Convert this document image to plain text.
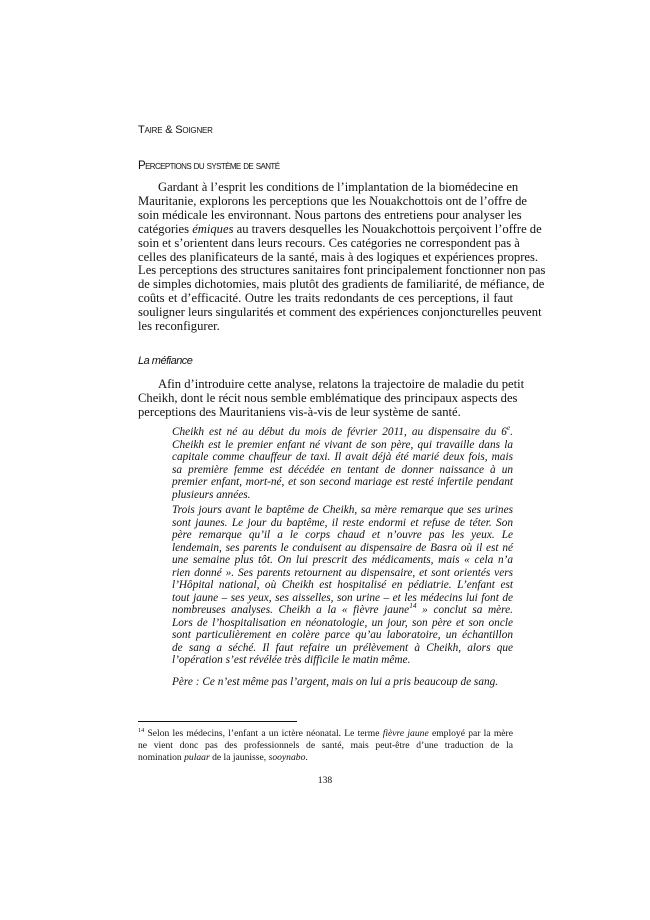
Taire & Soigner
Perceptions du système de santé
Gardant à l’esprit les conditions de l’implantation de la biomédecine en
Mauritanie, explorons les perceptions que les Nouakchottois ont de l’offre de
soin médicale les environnant. Nous partons des entretiens pour analyser les
catégories émiques au travers desquelles les Nouakchottois perçoivent l’offre de
soin et s’orientent dans leurs recours. Ces catégories ne correspondent pas à
celles des planificateurs de la santé, mais à des logiques et expériences propres.
Les perceptions des structures sanitaires font principalement fonctionner non pas
de simples dichotomies, mais plutôt des gradients de familiarité, de méfiance, de
coûts et d’efficacité. Outre les traits redondants de ces perceptions, il faut
souligner leurs singularités et comment des expériences conjoncturelles peuvent
les reconfigurer.
La méfiance
Afin d’introduire cette analyse, relatons la trajectoire de maladie du petit
Cheikh, dont le récit nous semble emblématique des principaux aspects des
perceptions des Mauritaniens vis-à-vis de leur système de santé.
Cheikh est né au début du mois de février 2011, au dispensaire du 6e.
Cheikh est le premier enfant né vivant de son père, qui travaille dans la
capitale comme chauffeur de taxi. Il avait déjà été marié deux fois, mais
sa première femme est décédée en tentant de donner naissance à un
premier enfant, mort-né, et son second mariage est resté infertile pendant
plusieurs années.
Trois jours avant le baptême de Cheikh, sa mère remarque que ses urines
sont jaunes. Le jour du baptême, il reste endormi et refuse de téter. Son
père remarque qu’il a le corps chaud et n’ouvre pas les yeux. Le
lendemain, ses parents le conduisent au dispensaire de Basra où il est né
une semaine plus tôt. On lui prescrit des médicaments, mais « cela n’a
rien donné ». Ses parents retournent au dispensaire, et sont orientés vers
l’Hôpital national, où Cheikh est hospitalisé en pédiatrie. L’enfant est
tout jaune – ses yeux, ses aisselles, son urine – et les médecins lui font de
nombreuses analyses. Cheikh a la « fièvre jaune$^{14}$ » conclut sa mère.
Lors de l’hospitalisation en néonatologie, un jour, son père et son oncle
sont particulièrement en colère parce qu’au laboratoire, un échantillon
de sang a séché. Il faut refaire un prélèvement à Cheikh, alors que
l’opération s’est révélée très difficile le matin même.
Père : Ce n’est même pas l’argent, mais on lui a pris beaucoup de sang.
$^{14}$ Selon les médecins, l’enfant a un ictère néonatal. Le terme fièvre jaune employé par la mère
ne vient donc pas des professionnels de santé, mais peut-être d’une traduction de la
nomination pulaar de la jaunisse, sooynabo.
138
